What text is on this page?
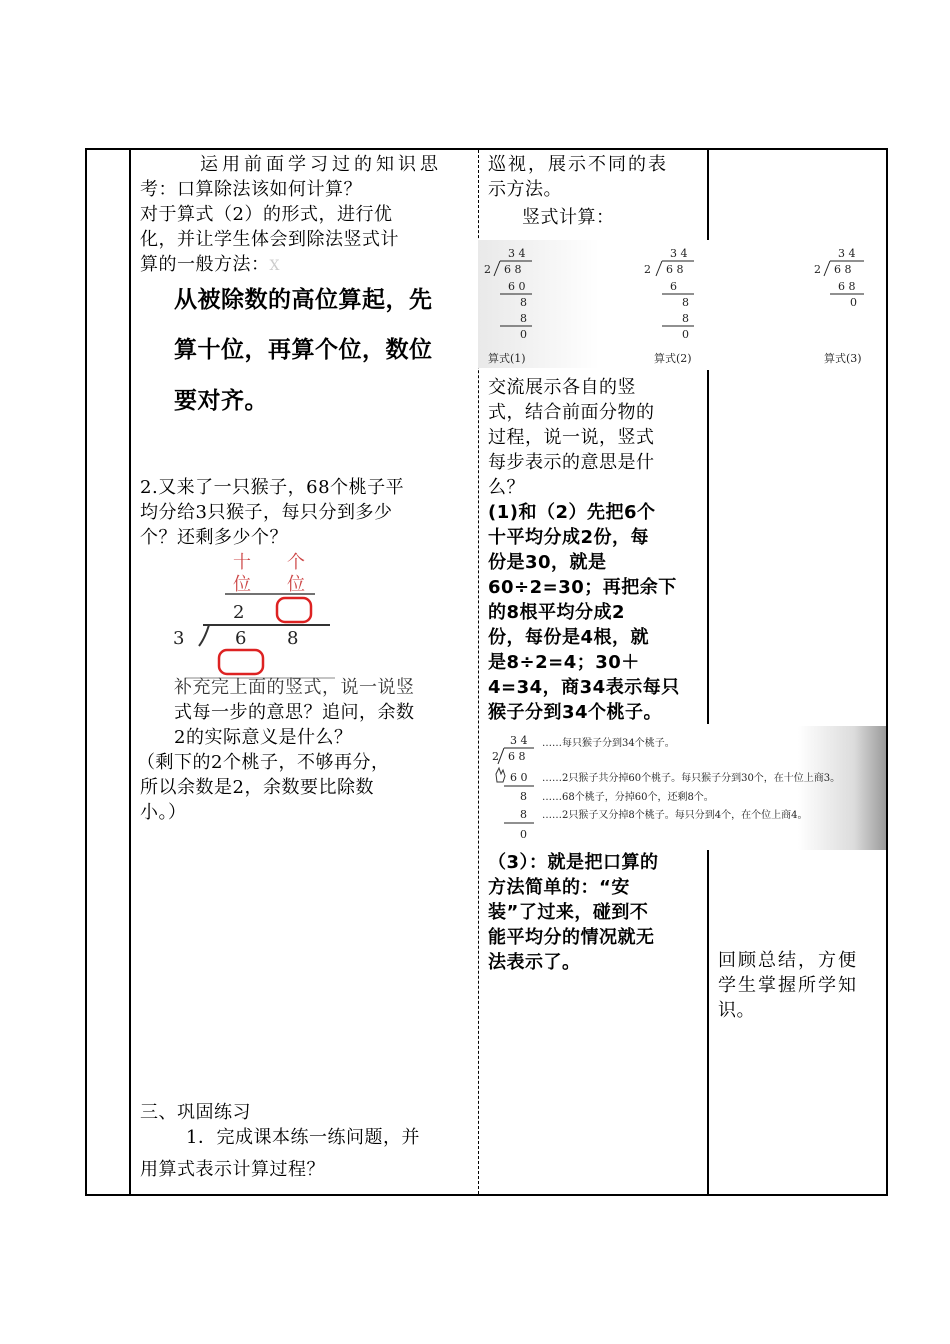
运用前面学习过的知识思
考：口算除法该如何计算？
对于算式（2）的形式，进行优
化，并让学生体会到除法竖式计
算的一般方法：X
从被除数的高位算起，先
算十位，再算个位，数位
要对齐。
2.又来了一只猴子，68个桃子平
均分给3只猴子，每只分到多少
个？还剩多少个？
十 个
位 位
2
3	6 8
补充完上面的竖式，说一说竖
式每一步的意思？追问，余数
2的实际意义是什么？
（剩下的2个桃子，不够再分，
所以余数是2，余数要比除数
小。）
三、巩固练习
1．完成课本练一练问题，并
用算式表示计算过程？
巡视，展示不同的表
示方法。
竖式计算：
3 4
2 6 8
6 0
8
8
0
算式(1)
3 4
2 6 8
6
8
8
0
算式(2)
3 4
2 6 8
6 8
0
算式(3)
交流展示各自的竖
式，结合前面分物的
过程，说一说，竖式
每步表示的意思是什
么？
(1)和（2）先把6个
十平均分成2份，每
份是30，就是
60÷2=30；再把余下
的8根平均分成2
份，每份是4根，就
是8÷2=4；30＋
4=34，商34表示每只
猴子分到34个桃子。
3 4
2 6 8
6 0
8
8
0
……每只猴子分到34个桃子。
……2只猴子共分掉60个桃子。每只猴子分到30个，在十位上商3。
……68个桃子，分掉60个，还剩8个。
……2只猴子又分掉8个桃子。每只分到4个，在个位上商4。
（3）：就是把口算的
方法简单的：“安
装”了过来，碰到不
能平均分的情况就无
法表示了。	回顾总结，方便
学生掌握所学知
识。
